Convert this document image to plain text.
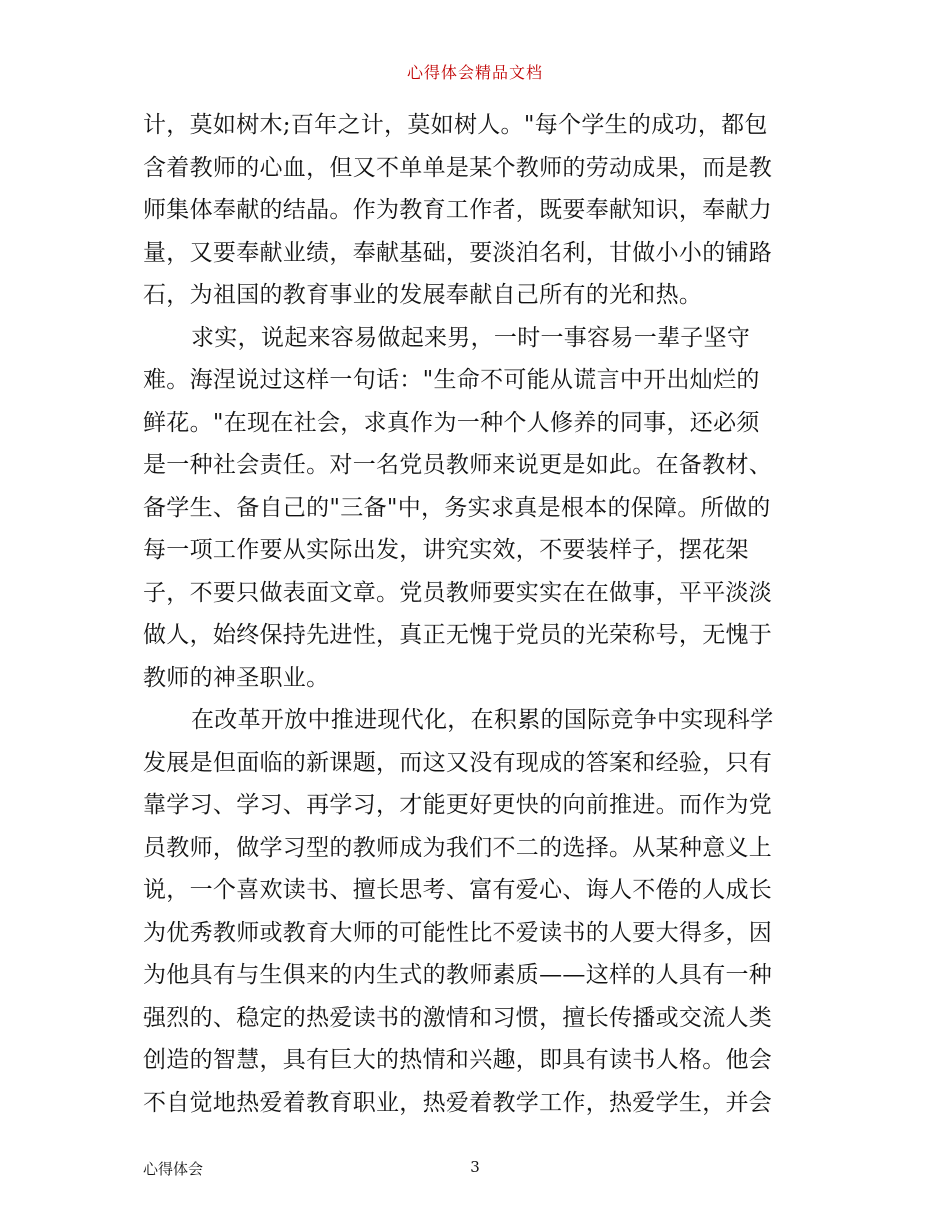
心得体会精品文档
计，莫如树木;百年之计，莫如树人。"每个学生的成功，都包
含着教师的心血，但又不单单是某个教师的劳动成果，而是教
师集体奉献的结晶。作为教育工作者，既要奉献知识，奉献力
量，又要奉献业绩，奉献基础，要淡泊名利，甘做小小的铺路
石，为祖国的教育事业的发展奉献自己所有的光和热。
求实，说起来容易做起来男，一时一事容易一辈子坚守
难。海涅说过这样一句话："生命不可能从谎言中开出灿烂的
鲜花。"在现在社会，求真作为一种个人修养的同事，还必须
是一种社会责任。对一名党员教师来说更是如此。在备教材、
备学生、备自己的"三备"中，务实求真是根本的保障。所做的
每一项工作要从实际出发，讲究实效，不要装样子，摆花架
子，不要只做表面文章。党员教师要实实在在做事，平平淡淡
做人，始终保持先进性，真正无愧于党员的光荣称号，无愧于
教师的神圣职业。
在改革开放中推进现代化，在积累的国际竞争中实现科学
发展是但面临的新课题，而这又没有现成的答案和经验，只有
靠学习、学习、再学习，才能更好更快的向前推进。而作为党
员教师，做学习型的教师成为我们不二的选择。从某种意义上
说，一个喜欢读书、擅长思考、富有爱心、诲人不倦的人成长
为优秀教师或教育大师的可能性比不爱读书的人要大得多，因
为他具有与生俱来的内生式的教师素质——这样的人具有一种
强烈的、稳定的热爱读书的激情和习惯，擅长传播或交流人类
创造的智慧，具有巨大的热情和兴趣，即具有读书人格。他会
不自觉地热爱着教育职业，热爱着教学工作，热爱学生，并会
心得体会	3
